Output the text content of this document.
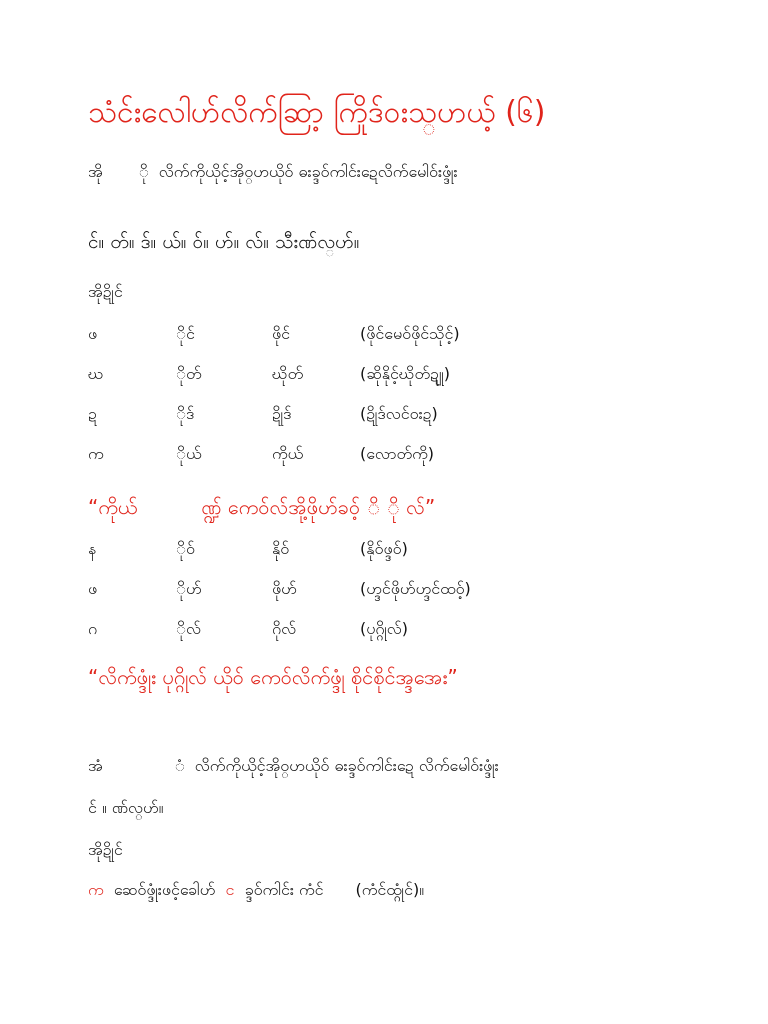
သံင်းလေါဟ်လိက်ဆြာ့ ကြိုဒ်ဝးသ္ဟယ့် (၆)
အို ို လိက်ကိုယိုင့်အိုဝ္ဟယိုဝ် ဓးခ္ဒဝ်ကါင်းဍေလိက်မေါဝ်းဖ္ဒုံး
င်။ တ်။ ဒ်။ ယ်။ ဝ်။ ဟ်။ လ်။ သီးဏ်လ္ဟ်။
အိုဍိုင်
ဖ	ိုင်	ဖိုင်	(ဖိုင်မေဝ်ဖိုင်သိုင့်)
ဃ	ိုတ်	ဃိုတ်	(ဆိုနိုင့်ဃိုတ်ဍျု)
ဍ	ိုဒ်	ဍိုဒ်	(ဍိုဒ်လင်ဝးဍ)
က	ိုယ်	ကိုယ်	(လောတ်ကို)
“ကိုယ်	ဏ္ဍ် ကေဝ်လ်အို့ဖိုဟ်ခဝ့် ိ ို လ်”
န	ိုဝ်	နိုဝ်	(နိုဝ်ဖ္ဒဝ်)
ဖ	ိုဟ်	ဖိုဟ်	(ဟ္ဒင်ဖိုဟ်ဟ္ဒင်ထဝ့်)
ဂ	ိုလ်	ဂိုလ်	(ပုဂ္ဂိုလ်)
“လိက်ဖ္ဒုံး ပုဂ္ဂိုလ် ယိုဝ် ကေဝ်လိက်ဖ္ဒုံ စိုင်စိုင်အ္ဒအေး”
အံ	ံ လိက်ကိုယိုင့်အိုဝ္ဟယိုဝ် ဓးခ္ဒဝ်ကါင်းဍေ လိက်မေါဝ်းဖ္ဒုံး
င် ။ ဏ်လ္ဟ်။
အိုဍိုင်
က ဆေဝ်ဖ္ဒုံးဖင့်ခေါဟ် င ခ္ဒဝ်ကါင်း ကံင် (ကံင်ထ္ဂုံင်)။
